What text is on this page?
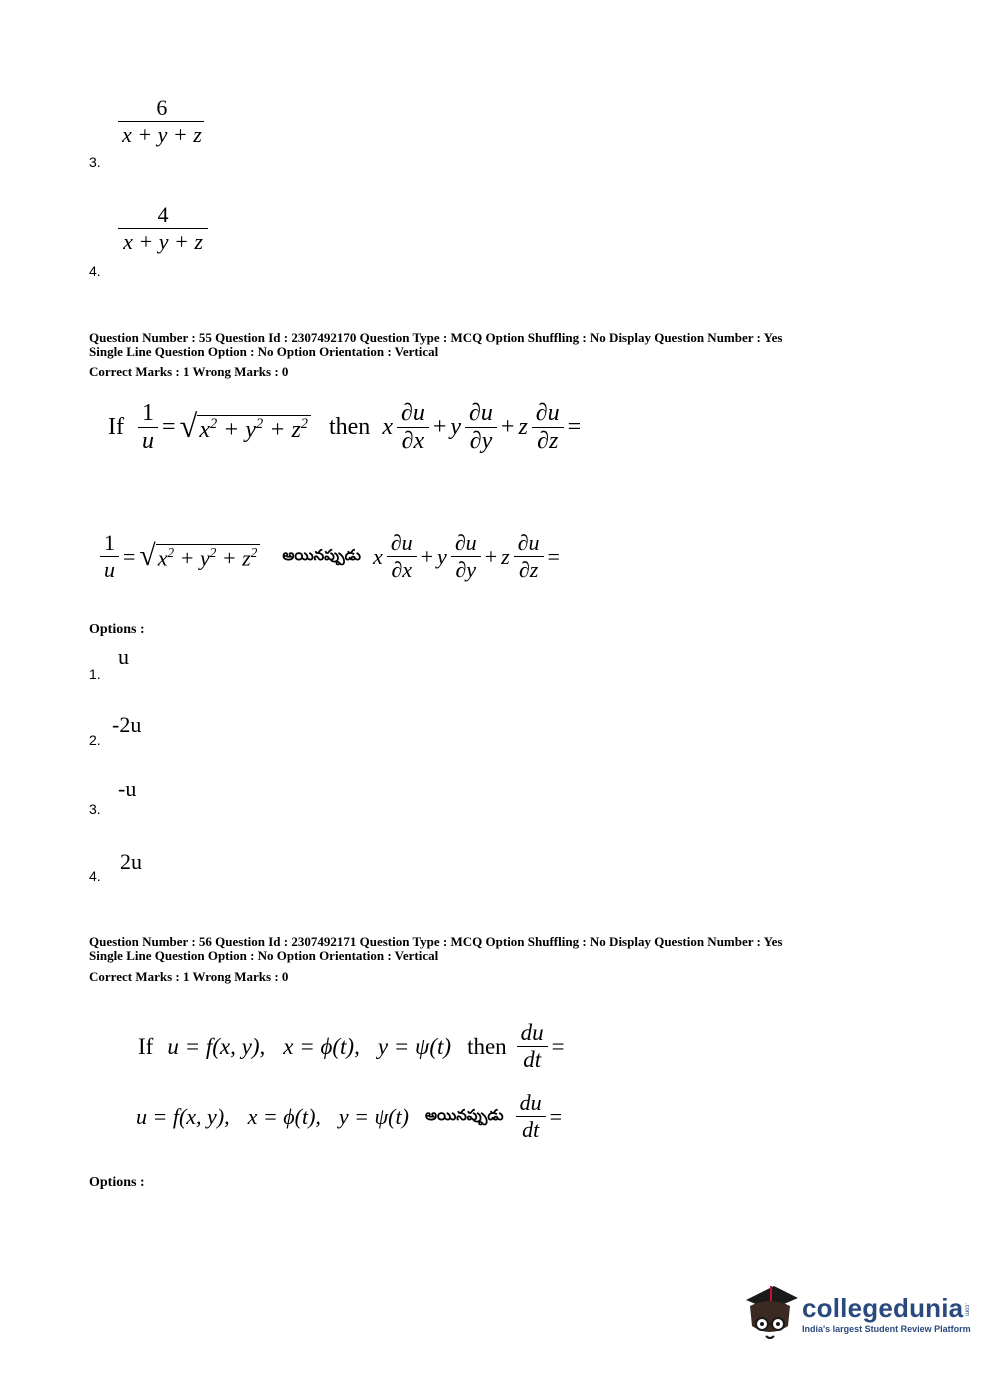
$\frac{6}{x + y + z}$
3.
$\frac{4}{x + y + z}$
4.
Question Number : 55 Question Id : 2307492170 Question Type : MCQ Option Shuffling : No Display Question Number : Yes
Single Line Question Option : No Option Orientation : Vertical
Correct Marks : 1 Wrong Marks : 0
If $\frac{1}{u}$ = √ $x^2 + y^2 + z^2$ then x $\frac{\partial u}{\partial x} + y \frac{\partial u}{\partial y} + z \frac{\partial u}{\partial z}$ =
$\frac{1}{u}$ = √ $x^2 + y^2 + z^2$ అయినప్పుడు x $\frac{\partial u}{\partial x} + y \frac{\partial u}{\partial y} + z \frac{\partial u}{\partial z}$ =
Options :
u
1.
-2u
2.
-u
3.
2u
4.
Question Number : 56 Question Id : 2307492171 Question Type : MCQ Option Shuffling : No Display Question Number : Yes
Single Line Question Option : No Option Orientation : Vertical
Correct Marks : 1 Wrong Marks : 0
If u = f(x, y), x = ϕ(t), y = ψ(t) then $\frac{du}{dt}$ =
u = f(x, y), x = ϕ(t), y = ψ(t) అయినప్పుడు $\frac{du}{dt}$ =
Options :
collegedunia .com
India's largest Student Review Platform
